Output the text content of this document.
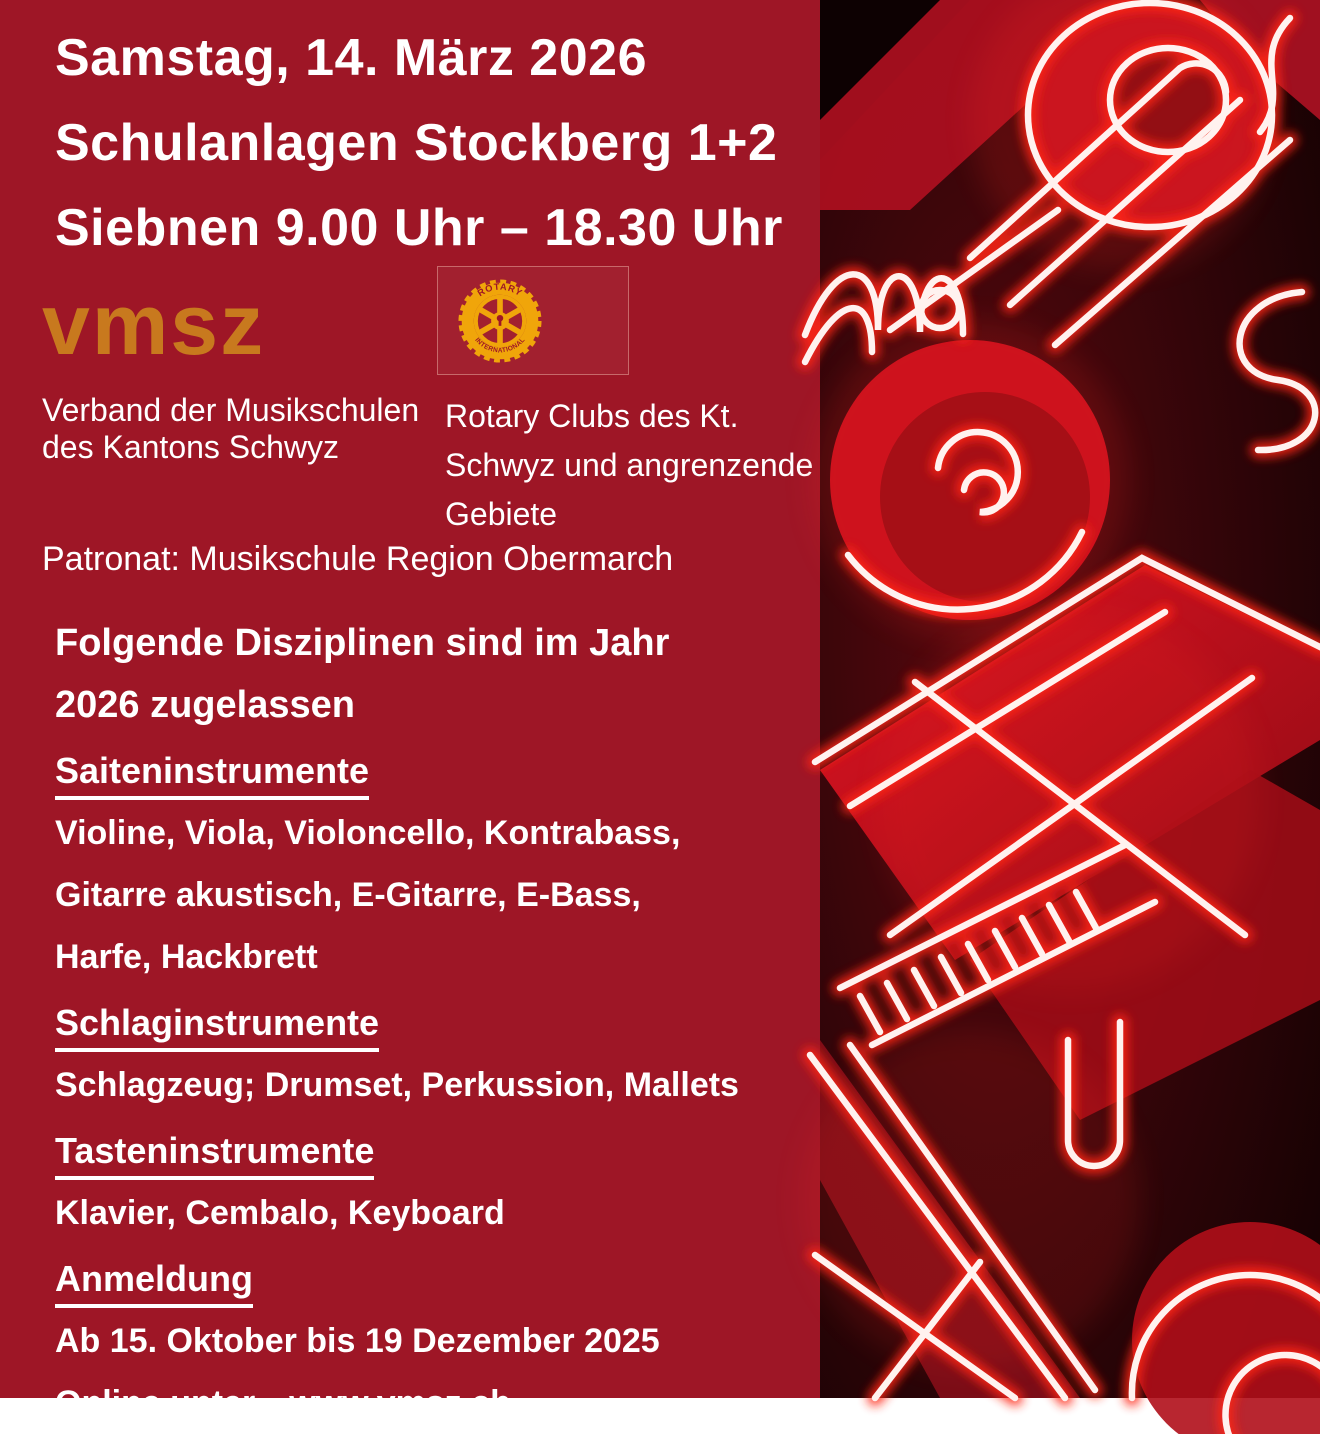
Samstag, 14. März 2026
Schulanlagen Stockberg 1+2
Siebnen 9.00 Uhr – 18.30 Uhr
vmsz
Verband der Musikschulen
des Kantons Schwyz
ROTARY
INTERNATIONAL
Rotary Clubs des Kt.
Schwyz und angrenzende
Gebiete
Patronat: Musikschule Region Obermarch
Folgende Disziplinen sind im Jahr
2026 zugelassen
Saiteninstrumente
Violine, Viola, Violoncello, Kontrabass,
Gitarre akustisch, E-Gitarre, E-Bass,
Harfe, Hackbrett
Schlaginstrumente
Schlagzeug; Drumset, Perkussion, Mallets
Tasteninstrumente
Klavier, Cembalo, Keyboard
Anmeldung
Ab 15. Oktober bis 19 Dezember 2025
Online unter www.vmsz.ch
